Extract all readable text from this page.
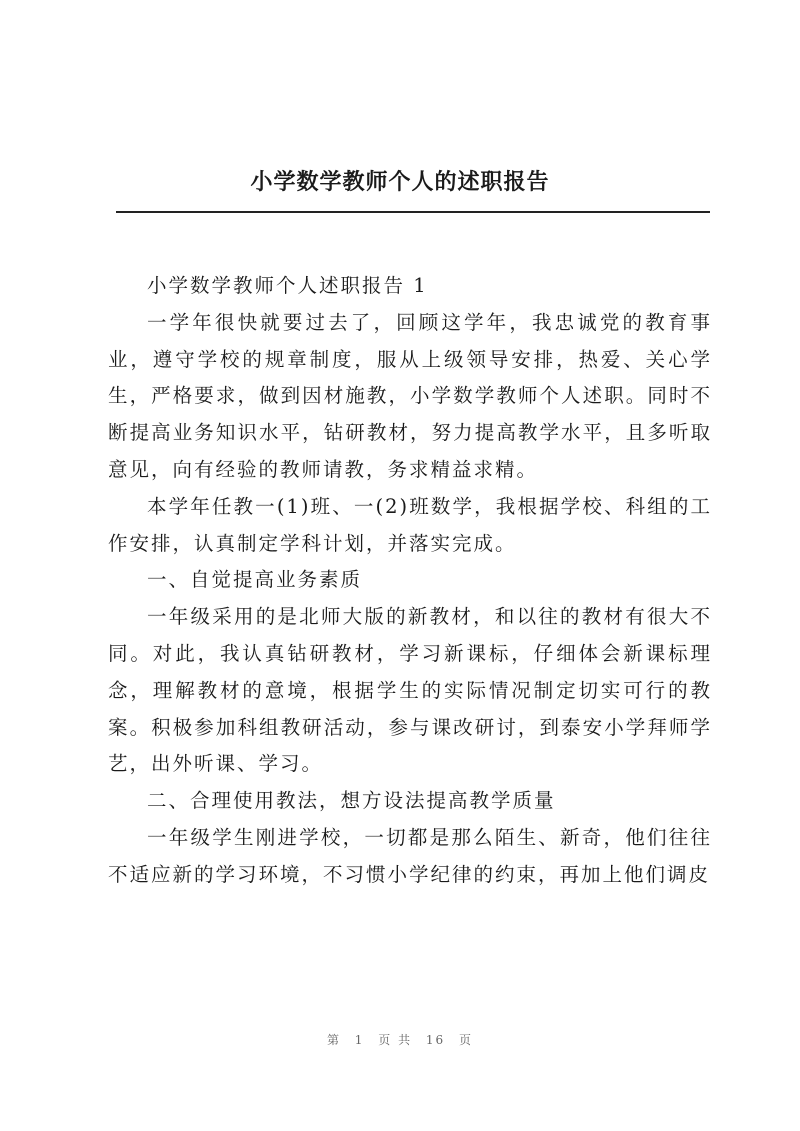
小学数学教师个人的述职报告

小学数学教师个人述职报告 1

一学年很快就要过去了，回顾这学年，我忠诚党的教育事业，遵守学校的规章制度，服从上级领导安排，热爱、关心学生，严格要求，做到因材施教，小学数学教师个人述职。同时不断提高业务知识水平，钻研教材，努力提高教学水平，且多听取意见，向有经验的教师请教，务求精益求精。

本学年任教一(1)班、一(2)班数学，我根据学校、科组的工作安排，认真制定学科计划，并落实完成。

一、自觉提高业务素质

一年级采用的是北师大版的新教材，和以往的教材有很大不同。对此，我认真钻研教材，学习新课标，仔细体会新课标理念，理解教材的意境，根据学生的实际情况制定切实可行的教案。积极参加科组教研活动，参与课改研讨，到泰安小学拜师学艺，出外听课、学习。

二、合理使用教法，想方设法提高教学质量

一年级学生刚进学校，一切都是那么陌生、新奇，他们往往不适应新的学习环境，不习惯小学纪律的约束，再加上他们调皮

第 1 页 共 16 页
